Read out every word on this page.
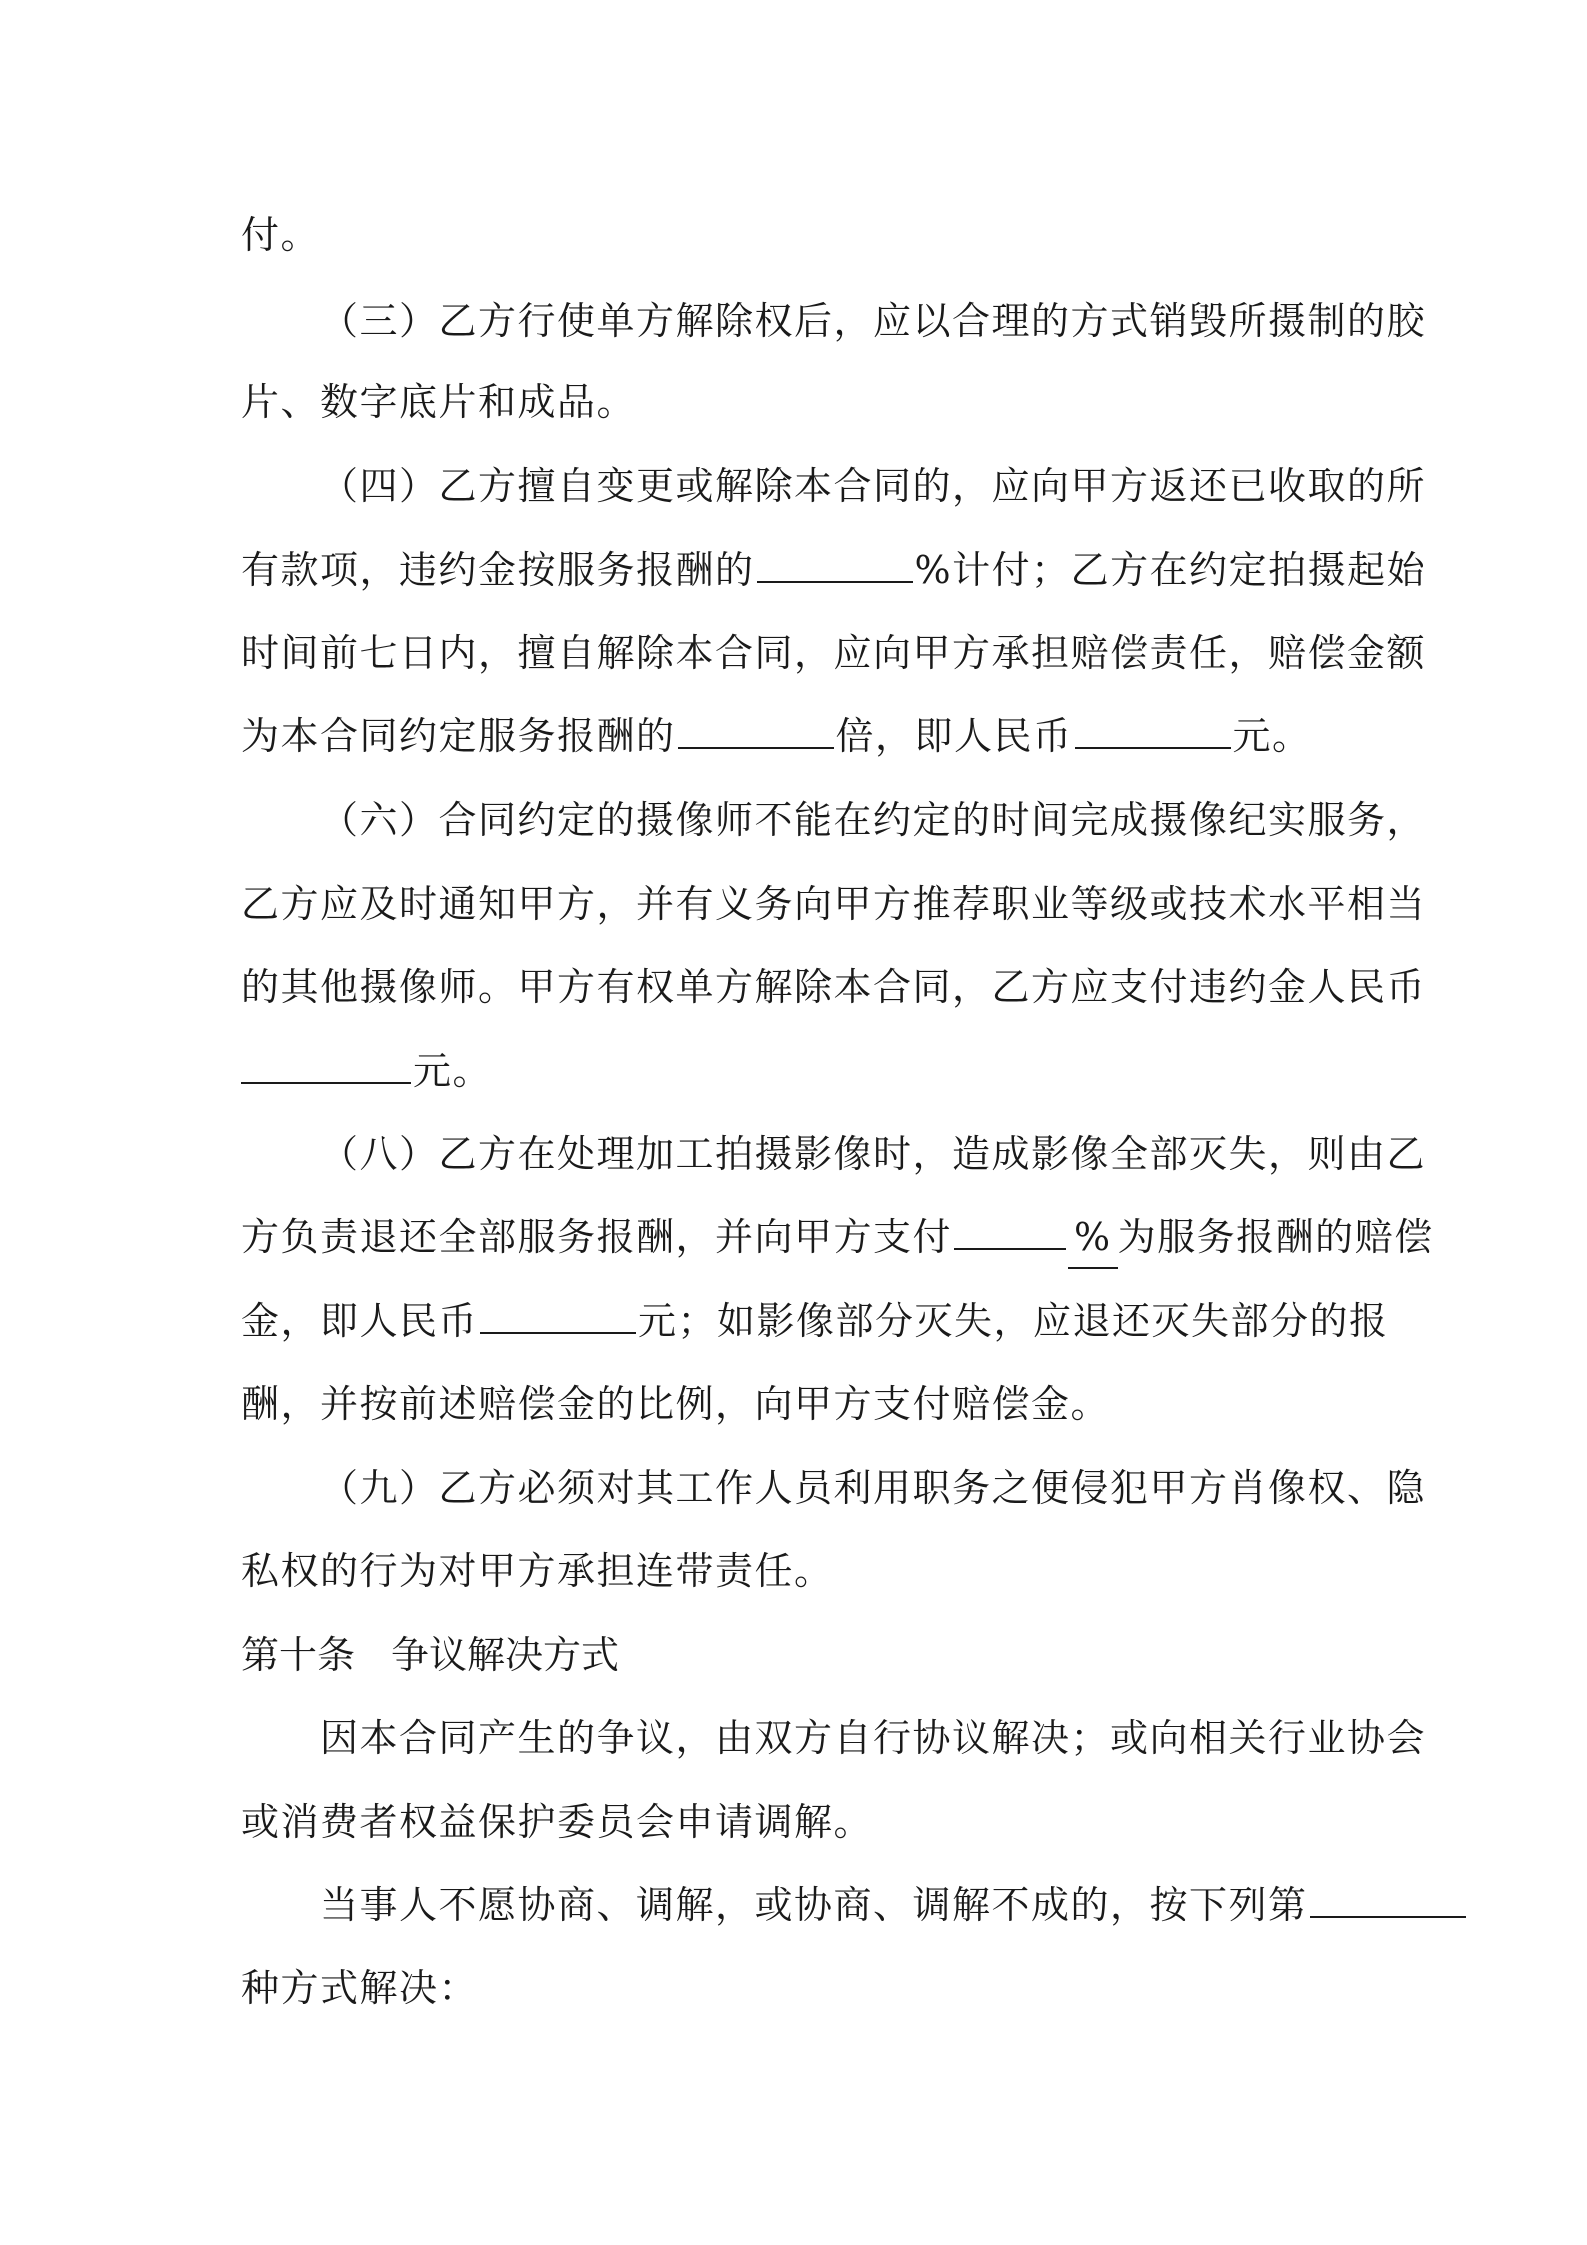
付。
（三）乙方行使单方解除权后，应以合理的方式销毁所摄制的胶
片、数字底片和成品。
（四）乙方擅自变更或解除本合同的，应向甲方返还已收取的所
有款项，违约金按服务报酬的	%计付；乙方在约定拍摄起始
时间前七日内，擅自解除本合同，应向甲方承担赔偿责任，赔偿金额
为本合同约定服务报酬的	倍，即人民币	元。
（六）合同约定的摄像师不能在约定的时间完成摄像纪实服务，
乙方应及时通知甲方，并有义务向甲方推荐职业等级或技术水平相当
的其他摄像师。甲方有权单方解除本合同，乙方应支付违约金人民币
元。
（八）乙方在处理加工拍摄影像时，造成影像全部灭失，则由乙
方负责退还全部服务报酬，并向甲方支付	% 为服务报酬的赔偿
金，即人民币	元；如影像部分灭失，应退还灭失部分的报
酬，并按前述赔偿金的比例，向甲方支付赔偿金。
（九）乙方必须对其工作人员利用职务之便侵犯甲方肖像权、隐
私权的行为对甲方承担连带责任。
第十条 争议解决方式
因本合同产生的争议，由双方自行协议解决；或向相关行业协会
或消费者权益保护委员会申请调解。
当事人不愿协商、调解，或协商、调解不成的，按下列第
种方式解决：
